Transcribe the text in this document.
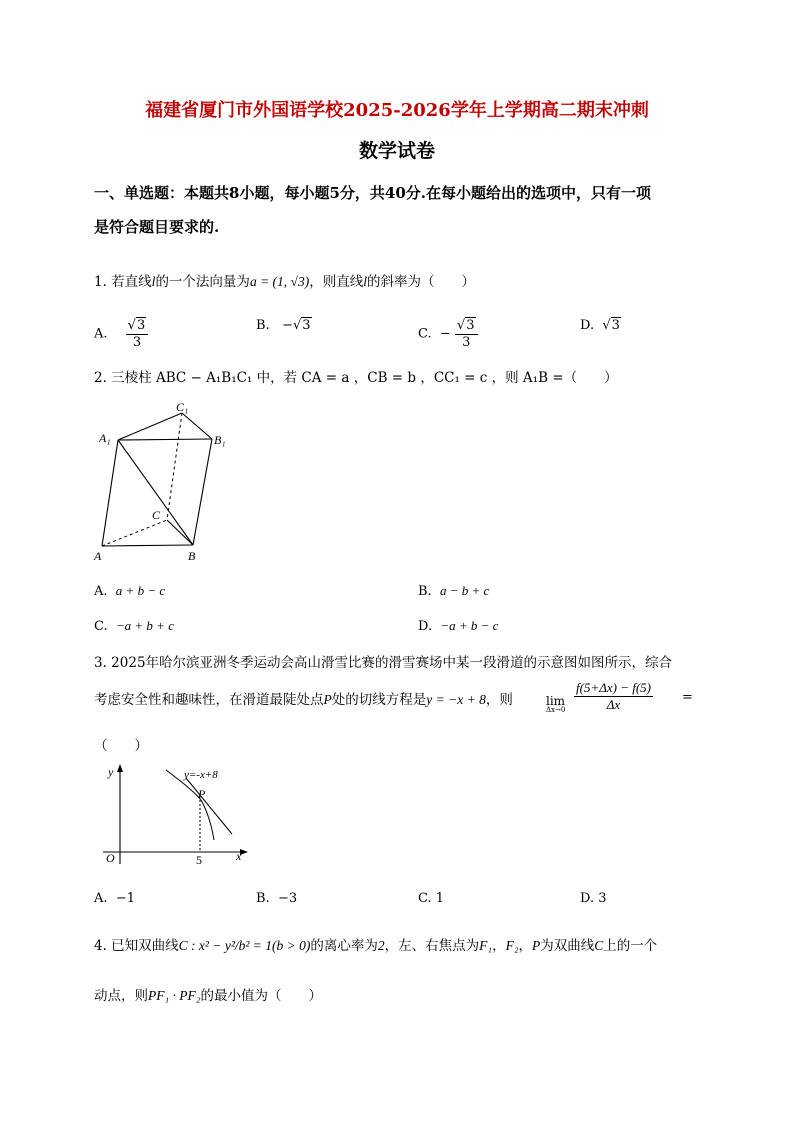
福建省厦门市外国语学校2025-2026学年上学期高二期末冲刺
数学试卷
一、单选题：本题共8小题，每小题5分，共40分.在每小题给出的选项中，只有一项
是符合题目要求的.
1. 若直线l的一个法向量为a = (1, √3)，则直线l的斜率为（　　）
A. $\frac{√3}{3}$	B.   −√3
C.  − $\frac{√3}{3}$	D.  √3
2. 三棱柱 ABC − A₁B₁C₁ 中，若 CA = a ，CB = b ，CC₁ = c ，则 A₁B =（　　）
A₁
C₁
B₁
C
A	B
A. a + b − c	B. a − b + c
C. −a + b + c	D. −a + b − c
3. 2025年哈尔滨亚洲冬季运动会高山滑雪比赛的滑雪赛场中某一段滑道的示意图如图所示，综合
考虑安全性和趣味性，在滑道最陡处点P处的切线方程是y = −x + 8，则	lim
Δx→0
f(5+Δx) − f(5)
Δx	=
（　　）
y
x
O	5
P
y=-x+8
A. −1	B. −3	C. 1	D. 3
4. 已知双曲线C : x² − y²/b² = 1(b > 0)的离心率为2，左、右焦点为F₁，F₂，P为双曲线C上的一个
动点，则PF₁ · PF₂的最小值为（　　）
